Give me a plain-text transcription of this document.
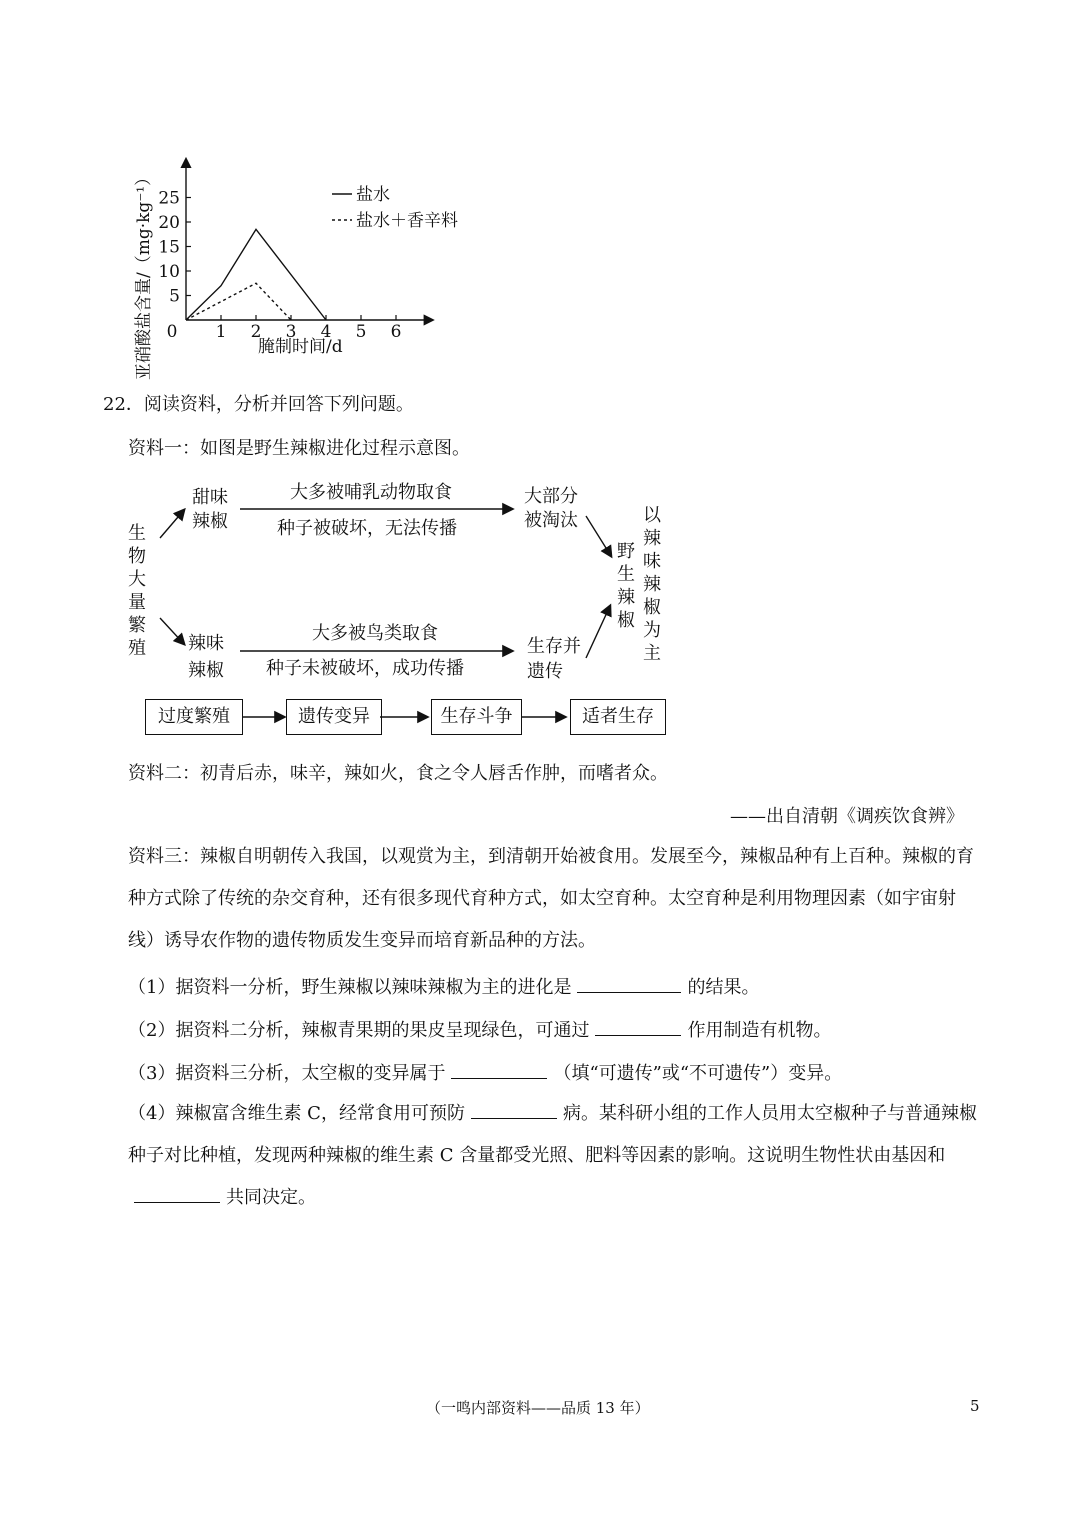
0 1 2 3 4 5 6
5
10
15
20
25	盐水
盐水＋香辛料
亚硝酸盐含量/（mg·kg⁻¹）	腌制时间/d
22．阅读资料，分析并回答下列问题。
资料一：如图是野生辣椒进化过程示意图。
生
物
大
量
繁
殖
甜味辣椒
辣味辣椒
大多被哺乳动物取食
种子被破坏，无法传播
大多被鸟类取食
种子未被破坏，成功传播
大部分被淘汰
生存并遗传
野
生
辣
椒
以
辣
味
辣
椒
为
主
过度繁殖	遗传变异	生存斗争	适者生存
资料二：初青后赤，味辛，辣如火，食之令人唇舌作肿，而嗜者众。
——出自清朝《调疾饮食辨》
资料三：辣椒自明朝传入我国，以观赏为主，到清朝开始被食用。发展至今，辣椒品种有上百种。辣椒的育种方式除了传统的杂交育种，还有很多现代育种方式，如太空育种。太空育种是利用物理因素（如宇宙射线）诱导农作物的遗传物质发生变异而培育新品种的方法。
（1）据资料一分析，野生辣椒以辣味辣椒为主的进化是	的结果。
（2）据资料二分析，辣椒青果期的果皮呈现绿色，可通过	作用制造有机物。
（3）据资料三分析，太空椒的变异属于	（填“可遗传”或“不可遗传”）变异。
（4）辣椒富含维生素 C，经常食用可预防	病。某科研小组的工作人员用太空椒种子与普通辣椒种子对比种植，发现两种辣椒的维生素 C 含量都受光照、肥料等因素的影响。这说明生物性状由基因和共同决定。
（一鸣内部资料——品质 13 年）	5
